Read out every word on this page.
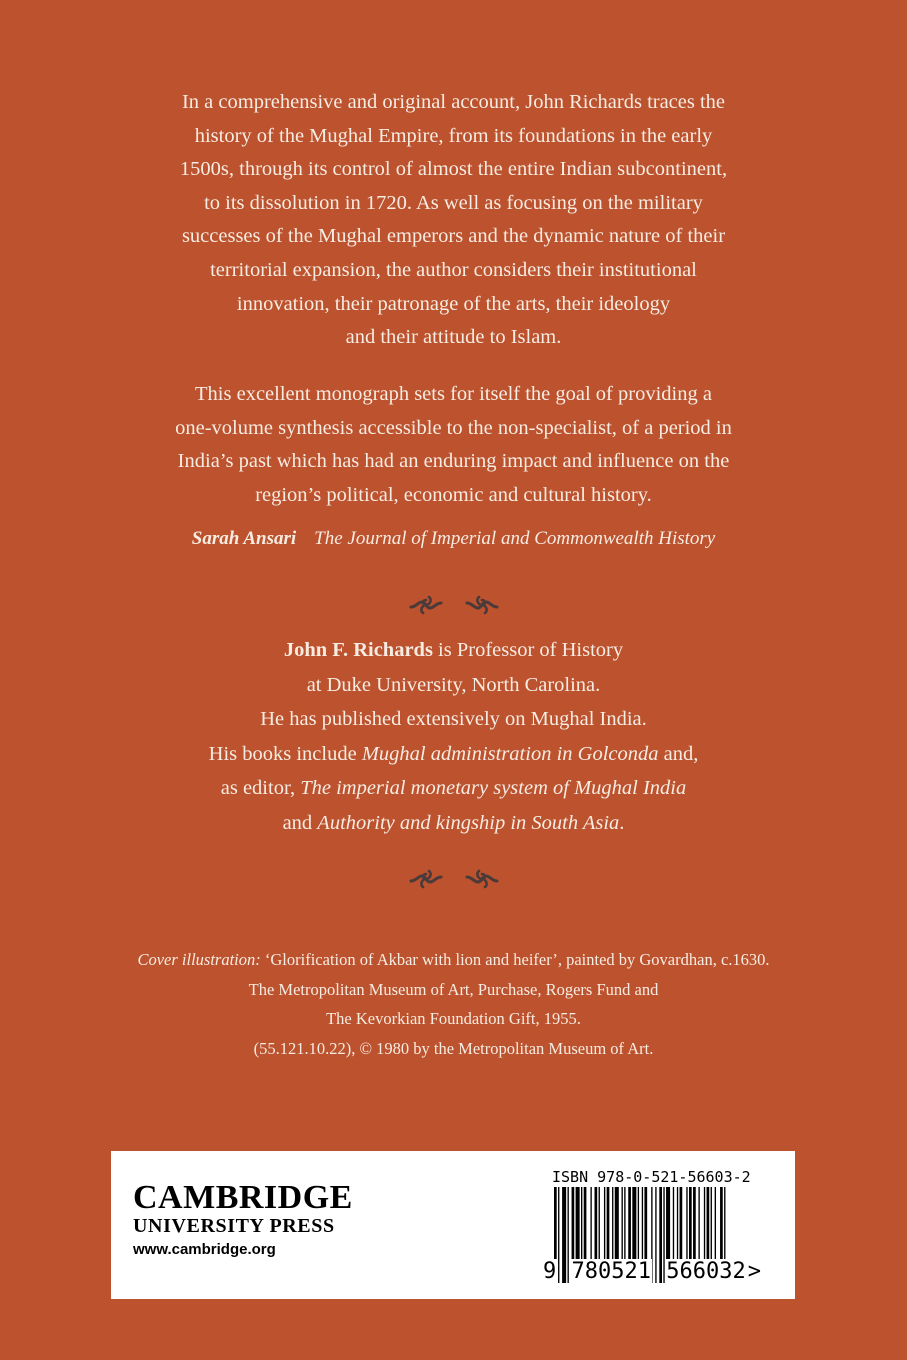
In a comprehensive and original account, John Richards traces the
history of the Mughal Empire, from its foundations in the early
1500s, through its control of almost the entire Indian subcontinent,
to its dissolution in 1720. As well as focusing on the military
successes of the Mughal emperors and the dynamic nature of their
territorial expansion, the author considers their institutional
innovation, their patronage of the arts, their ideology
and their attitude to Islam.

This excellent monograph sets for itself the goal of providing a
one-volume synthesis accessible to the non-specialist, of a period in
India’s past which has had an enduring impact and influence on the
region’s political, economic and cultural history.

Sarah Ansari The Journal of Imperial and Commonwealth History

John F. Richards is Professor of History
at Duke University, North Carolina.
He has published extensively on Mughal India.
His books include Mughal administration in Golconda and,
as editor, The imperial monetary system of Mughal India
and Authority and kingship in South Asia.

Cover illustration: ‘Glorification of Akbar with lion and heifer’, painted by Govardhan, c.1630.
The Metropolitan Museum of Art, Purchase, Rogers Fund and
The Kevorkian Foundation Gift, 1955.
(55.121.10.22), © 1980 by the Metropolitan Museum of Art.

CAMBRIDGE
UNIVERSITY PRESS
www.cambridge.org
ISBN 978-0-521-56603-2
9 780521 566032>
